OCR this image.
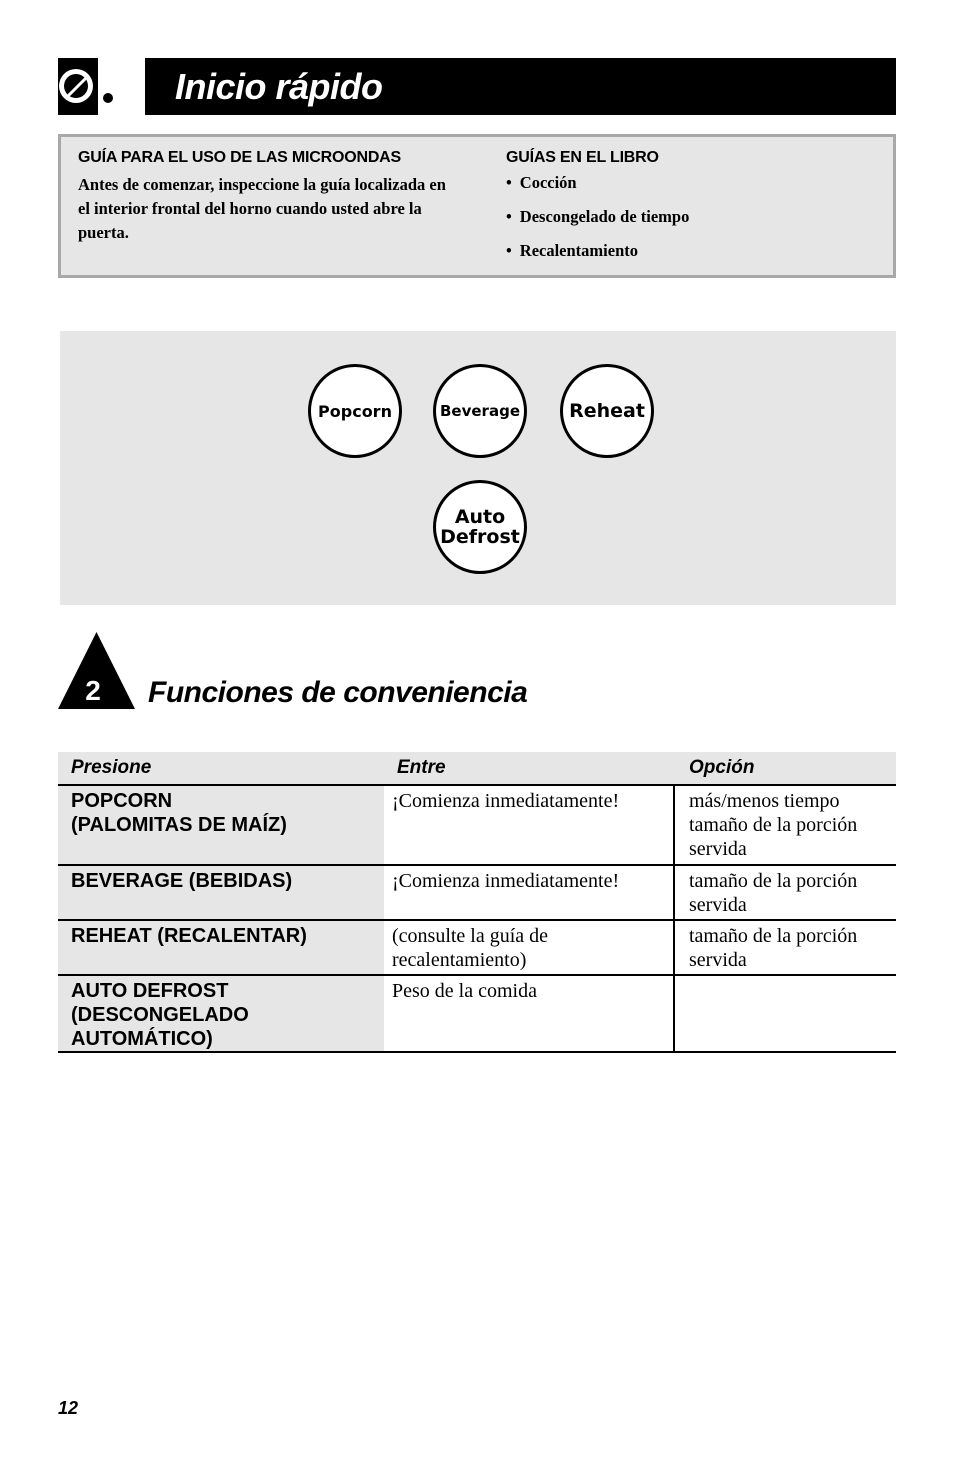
Inicio rápido

GUÍA PARA EL USO DE LAS MICROONDAS

Antes de comenzar, inspeccione la guía localizada en el interior frontal del horno cuando usted abre la puerta.

GUÍAS EN EL LIBRO

• Cocción
• Descongelado de tiempo
• Recalentamiento
Popcorn	Beverage	Reheat
Auto
Defrost
2 Funciones de conveniencia
Presione	Entre	Opción

POPCORN
(PALOMITAS DE MAÍZ)	¡Comienza inmediatamente!	más/menos tiempo
tamaño de la porción
servida

BEVERAGE (BEBIDAS)	¡Comienza inmediatamente!	tamaño de la porción
servida

REHEAT (RECALENTAR)	(consulte la guía de
recalentamiento)	tamaño de la porción
servida

AUTO DEFROST
(DESCONGELADO AUTOMÁTICO)	Peso de la comida	

12
